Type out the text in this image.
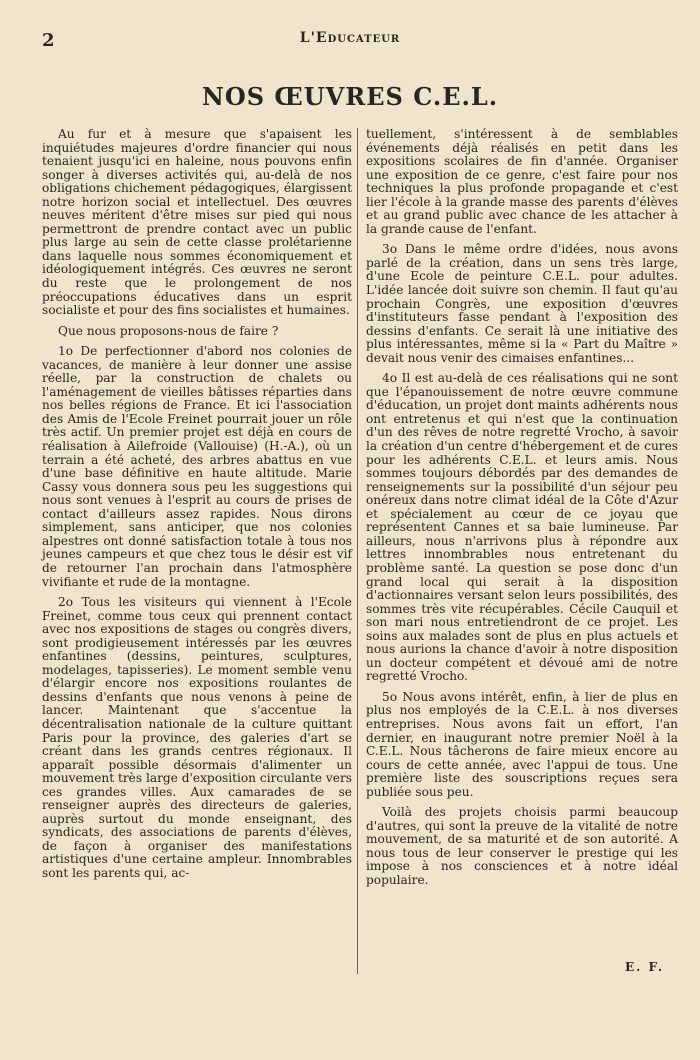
2	L'Educateur
NOS ŒUVRES C.E.L.

Au fur et à mesure que s'apaisent les inquiétudes majeures d'ordre financier qui nous tenaient jusqu'ici en haleine, nous pouvons enfin songer à diverses activités qui, au-delà de nos obligations chichement pédagogiques, élargissent notre horizon social et intellectuel. Des œuvres neuves méritent d'être mises sur pied qui nous permettront de prendre contact avec un public plus large au sein de cette classe prolétarienne dans laquelle nous sommes économiquement et idéologiquement intégrés. Ces œuvres ne seront du reste que le prolongement de nos préoccupations éducatives dans un esprit socialiste et pour des fins socialistes et humaines.

Que nous proposons-nous de faire ?

1o De perfectionner d'abord nos colonies de vacances, de manière à leur donner une assise réelle, par la construction de chalets ou l'aménagement de vieilles bâtisses réparties dans nos belles régions de France. Et ici l'association des Amis de l'Ecole Freinet pourrait jouer un rôle très actif. Un premier projet est déjà en cours de réalisation à Ailefroide (Vallouise) (H.-A.), où un terrain a été acheté, des arbres abattus en vue d'une base définitive en haute altitude. Marie Cassy vous donnera sous peu les suggestions qui nous sont venues à l'esprit au cours de prises de contact d'ailleurs assez rapides. Nous dirons simplement, sans anticiper, que nos colonies alpestres ont donné satisfaction totale à tous nos jeunes campeurs et que chez tous le désir est vif de retourner l'an prochain dans l'atmosphère vivifiante et rude de la montagne.

2o Tous les visiteurs qui viennent à l'Ecole Freinet, comme tous ceux qui prennent contact avec nos expositions de stages ou congrès divers, sont prodigieusement intéressés par les œuvres enfantines (dessins, peintures, sculptures, modelages, tapisseries). Le moment semble venu d'élargir encore nos expositions roulantes de dessins d'enfants que nous venons à peine de lancer. Maintenant que s'accentue la décentralisation nationale de la culture quittant Paris pour la province, des galeries d'art se créant dans les grands centres régionaux. Il apparaît possible désormais d'alimenter un mouvement très large d'exposition circulante vers ces grandes villes. Aux camarades de se renseigner auprès des directeurs de galeries, auprès surtout du monde enseignant, des syndicats, des associations de parents d'élèves, de façon à organiser des manifestations artistiques d'une certaine ampleur. Innombrables sont les parents qui, ac-

tuellement, s'intéressent à de semblables événements déjà réalisés en petit dans les expositions scolaires de fin d'année. Organiser une exposition de ce genre, c'est faire pour nos techniques la plus profonde propagande et c'est lier l'école à la grande masse des parents d'élèves et au grand public avec chance de les attacher à la grande cause de l'enfant.

3o Dans le même ordre d'idées, nous avons parlé de la création, dans un sens très large, d'une Ecole de peinture C.E.L. pour adultes. L'idée lancée doit suivre son chemin. Il faut qu'au prochain Congrès, une exposition d'œuvres d'instituteurs fasse pendant à l'exposition des dessins d'enfants. Ce serait là une initiative des plus intéressantes, même si la « Part du Maître » devait nous venir des cimaises enfantines...

4o Il est au-delà de ces réalisations qui ne sont que l'épanouissement de notre œuvre commune d'éducation, un projet dont maints adhérents nous ont entretenus et qui n'est que la continuation d'un des rêves de notre regretté Vrocho, à savoir la création d'un centre d'hébergement et de cures pour les adhérents C.E.L. et leurs amis. Nous sommes toujours débordés par des demandes de renseignements sur la possibilité d'un séjour peu onéreux dans notre climat idéal de la Côte d'Azur et spécialement au cœur de ce joyau que représentent Cannes et sa baie lumineuse. Par ailleurs, nous n'arrivons plus à répondre aux lettres innombrables nous entretenant du problème santé. La question se pose donc d'un grand local qui serait à la disposition d'actionnaires versant selon leurs possibilités, des sommes très vite récupérables. Cécile Cauquil et son mari nous entretiendront de ce projet. Les soins aux malades sont de plus en plus actuels et nous aurions la chance d'avoir à notre disposition un docteur compétent et dévoué ami de notre regretté Vrocho.

5o Nous avons intérêt, enfin, à lier de plus en plus nos employés de la C.E.L. à nos diverses entreprises. Nous avons fait un effort, l'an dernier, en inaugurant notre premier Noël à la C.E.L. Nous tâcherons de faire mieux encore au cours de cette année, avec l'appui de tous. Une première liste des souscriptions reçues sera publiée sous peu.

Voilà des projets choisis parmi beaucoup d'autres, qui sont la preuve de la vitalité de notre mouvement, de sa maturité et de son autorité. A nous tous de leur conserver le prestige qui les impose à nos consciences et à notre idéal populaire.

E. F.
